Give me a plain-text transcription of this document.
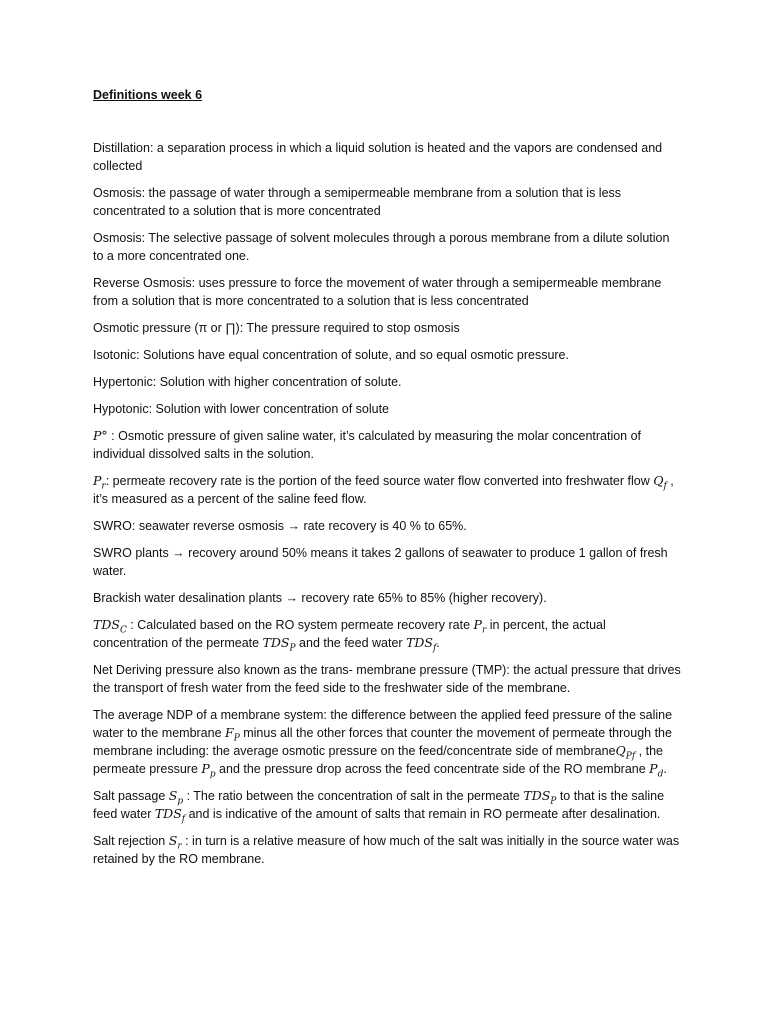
Definitions week 6

Distillation: a separation process in which a liquid solution is heated and the vapors are condensed and collected

Osmosis: the passage of water through a semipermeable membrane from a solution that is less concentrated to a solution that is more concentrated

Osmosis: The selective passage of solvent molecules through a porous membrane from a dilute solution to a more concentrated one.

Reverse Osmosis: uses pressure to force the movement of water through a semipermeable membrane from a solution that is more concentrated to a solution that is less concentrated

Osmotic pressure (π or ∏): The pressure required to stop osmosis

Isotonic: Solutions have equal concentration of solute, and so equal osmotic pressure.

Hypertonic: Solution with higher concentration of solute.

Hypotonic: Solution with lower concentration of solute

P° : Osmotic pressure of given saline water, it’s calculated by measuring the molar concentration of individual dissolved salts in the solution.

$P_r$: permeate recovery rate is the portion of the feed source water flow converted into freshwater flow $Q_f$ , it’s measured as a percent of the saline feed flow.

SWRO: seawater reverse osmosis → rate recovery is 40 % to 65%.

SWRO plants → recovery around 50% means it takes 2 gallons of seawater to produce 1 gallon of fresh water.

Brackish water desalination plants → recovery rate 65% to 85% (higher recovery).

$TDS_C$ : Calculated based on the RO system permeate recovery rate $P_r$ in percent, the actual concentration of the permeate $TDS_P$ and the feed water $TDS_f$.

Net Deriving pressure also known as the trans- membrane pressure (TMP): the actual pressure that drives the transport of fresh water from the feed side to the freshwater side of the membrane.

The average NDP of a membrane system: the difference between the applied feed pressure of the saline water to the membrane $F_P$ minus all the other forces that counter the movement of permeate through the membrane including: the average osmotic pressure on the feed/concentrate side of membraneQ$_{Pf}$ , the permeate pressure $P_p$ and the pressure drop across the feed concentrate side of the RO membrane $P_d$.

Salt passage $S_p$ : The ratio between the concentration of salt in the permeate $TDS_P$ to that is the saline feed water $TDS_f$ and is indicative of the amount of salts that remain in RO permeate after desalination.

Salt rejection $S_r$ : in turn is a relative measure of how much of the salt was initially in the source water was retained by the RO membrane.
